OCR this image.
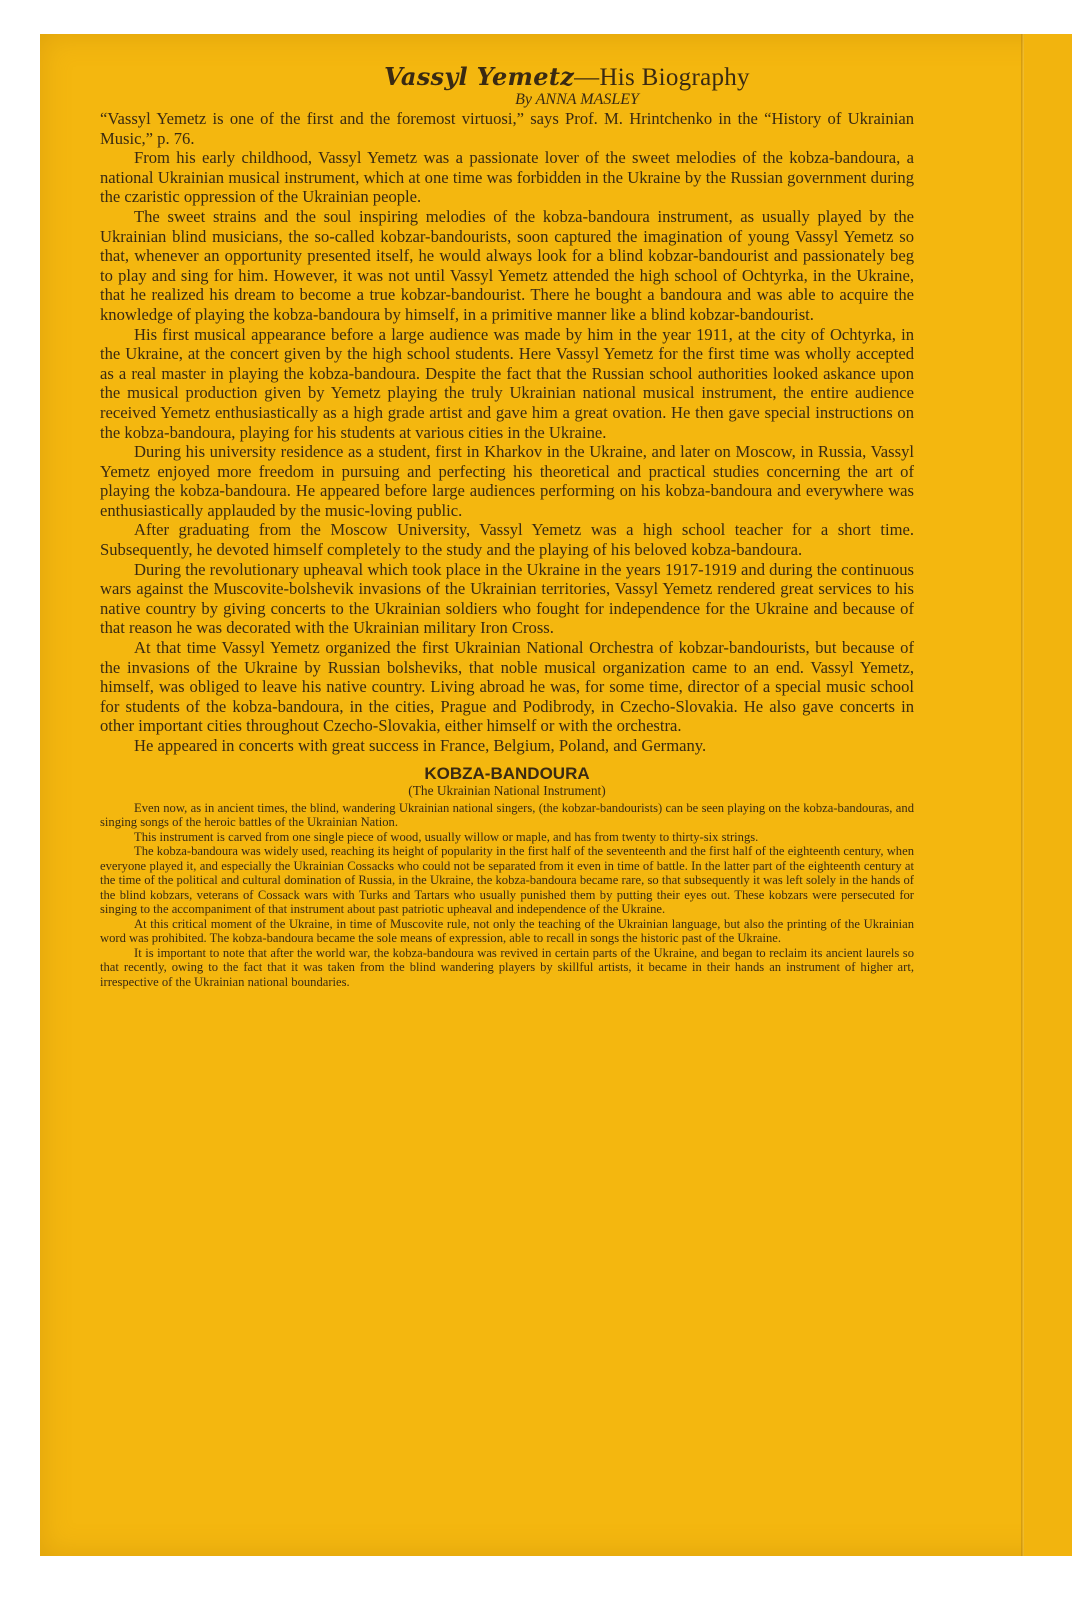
Vassyl Yemetz—His Biography
By ANNA MASLEY

“Vassyl Yemetz is one of the first and the foremost virtuosi,” says Prof. M. Hrintchenko in the “History of Ukrainian Music,” p. 76.

From his early childhood, Vassyl Yemetz was a passionate lover of the sweet melodies of the kobza-bandoura, a national Ukrainian musical instrument, which at one time was forbidden in the Ukraine by the Russian government during the czaristic oppression of the Ukrainian people.

The sweet strains and the soul inspiring melodies of the kobza-bandoura instrument, as usually played by the Ukrainian blind musicians, the so-called kobzar-bandourists, soon captured the imagination of young Vassyl Yemetz so that, whenever an opportunity presented itself, he would always look for a blind kobzar-bandourist and passionately beg to play and sing for him. However, it was not until Vassyl Yemetz attended the high school of Ochtyrka, in the Ukraine, that he realized his dream to become a true kobzar-bandourist. There he bought a bandoura and was able to acquire the knowledge of playing the kobza-bandoura by himself, in a primitive manner like a blind kobzar-bandourist.

His first musical appearance before a large audience was made by him in the year 1911, at the city of Ochtyrka, in the Ukraine, at the concert given by the high school students. Here Vassyl Yemetz for the first time was wholly accepted as a real master in playing the kobza-bandoura. Despite the fact that the Russian school authorities looked askance upon the musical production given by Yemetz playing the truly Ukrainian national musical instrument, the entire audience received Yemetz enthusiastically as a high grade artist and gave him a great ovation. He then gave special instructions on the kobza-bandoura, playing for his students at various cities in the Ukraine.

During his university residence as a student, first in Kharkov in the Ukraine, and later on Moscow, in Russia, Vassyl Yemetz enjoyed more freedom in pursuing and perfecting his theoretical and practical studies concerning the art of playing the kobza-bandoura. He appeared before large audiences performing on his kobza-bandoura and everywhere was enthusiastically applauded by the music-loving public.

After graduating from the Moscow University, Vassyl Yemetz was a high school teacher for a short time. Subsequently, he devoted himself completely to the study and the playing of his beloved kobza-bandoura.

During the revolutionary upheaval which took place in the Ukraine in the years 1917-1919 and during the continuous wars against the Muscovite-bolshevik invasions of the Ukrainian territories, Vassyl Yemetz rendered great services to his native country by giving concerts to the Ukrainian soldiers who fought for independence for the Ukraine and because of that reason he was decorated with the Ukrainian military Iron Cross.

At that time Vassyl Yemetz organized the first Ukrainian National Orchestra of kobzar-bandourists, but because of the invasions of the Ukraine by Russian bolsheviks, that noble musical organization came to an end. Vassyl Yemetz, himself, was obliged to leave his native country. Living abroad he was, for some time, director of a special music school for students of the kobza-bandoura, in the cities, Prague and Podibrody, in Czecho-Slovakia. He also gave concerts in other important cities throughout Czecho-Slovakia, either himself or with the orchestra.

He appeared in concerts with great success in France, Belgium, Poland, and Germany.

KOBZA-BANDOURA
(The Ukrainian National Instrument)

Even now, as in ancient times, the blind, wandering Ukrainian national singers, (the kobzar-bandourists) can be seen playing on the kobza-bandouras, and singing songs of the heroic battles of the Ukrainian Nation.

This instrument is carved from one single piece of wood, usually willow or maple, and has from twenty to thirty-six strings.

The kobza-bandoura was widely used, reaching its height of popularity in the first half of the seventeenth and the first half of the eighteenth century, when everyone played it, and especially the Ukrainian Cossacks who could not be separated from it even in time of battle. In the latter part of the eighteenth century at the time of the political and cultural domination of Russia, in the Ukraine, the kobza-bandoura became rare, so that subsequently it was left solely in the hands of the blind kobzars, veterans of Cossack wars with Turks and Tartars who usually punished them by putting their eyes out. These kobzars were persecuted for singing to the accompaniment of that instrument about past patriotic upheaval and independence of the Ukraine.

At this critical moment of the Ukraine, in time of Muscovite rule, not only the teaching of the Ukrainian language, but also the printing of the Ukrainian word was prohibited. The kobza-bandoura became the sole means of expression, able to recall in songs the historic past of the Ukraine.

It is important to note that after the world war, the kobza-bandoura was revived in certain parts of the Ukraine, and began to reclaim its ancient laurels so that recently, owing to the fact that it was taken from the blind wandering players by skillful artists, it became in their hands an instrument of higher art, irrespective of the Ukrainian national boundaries.
